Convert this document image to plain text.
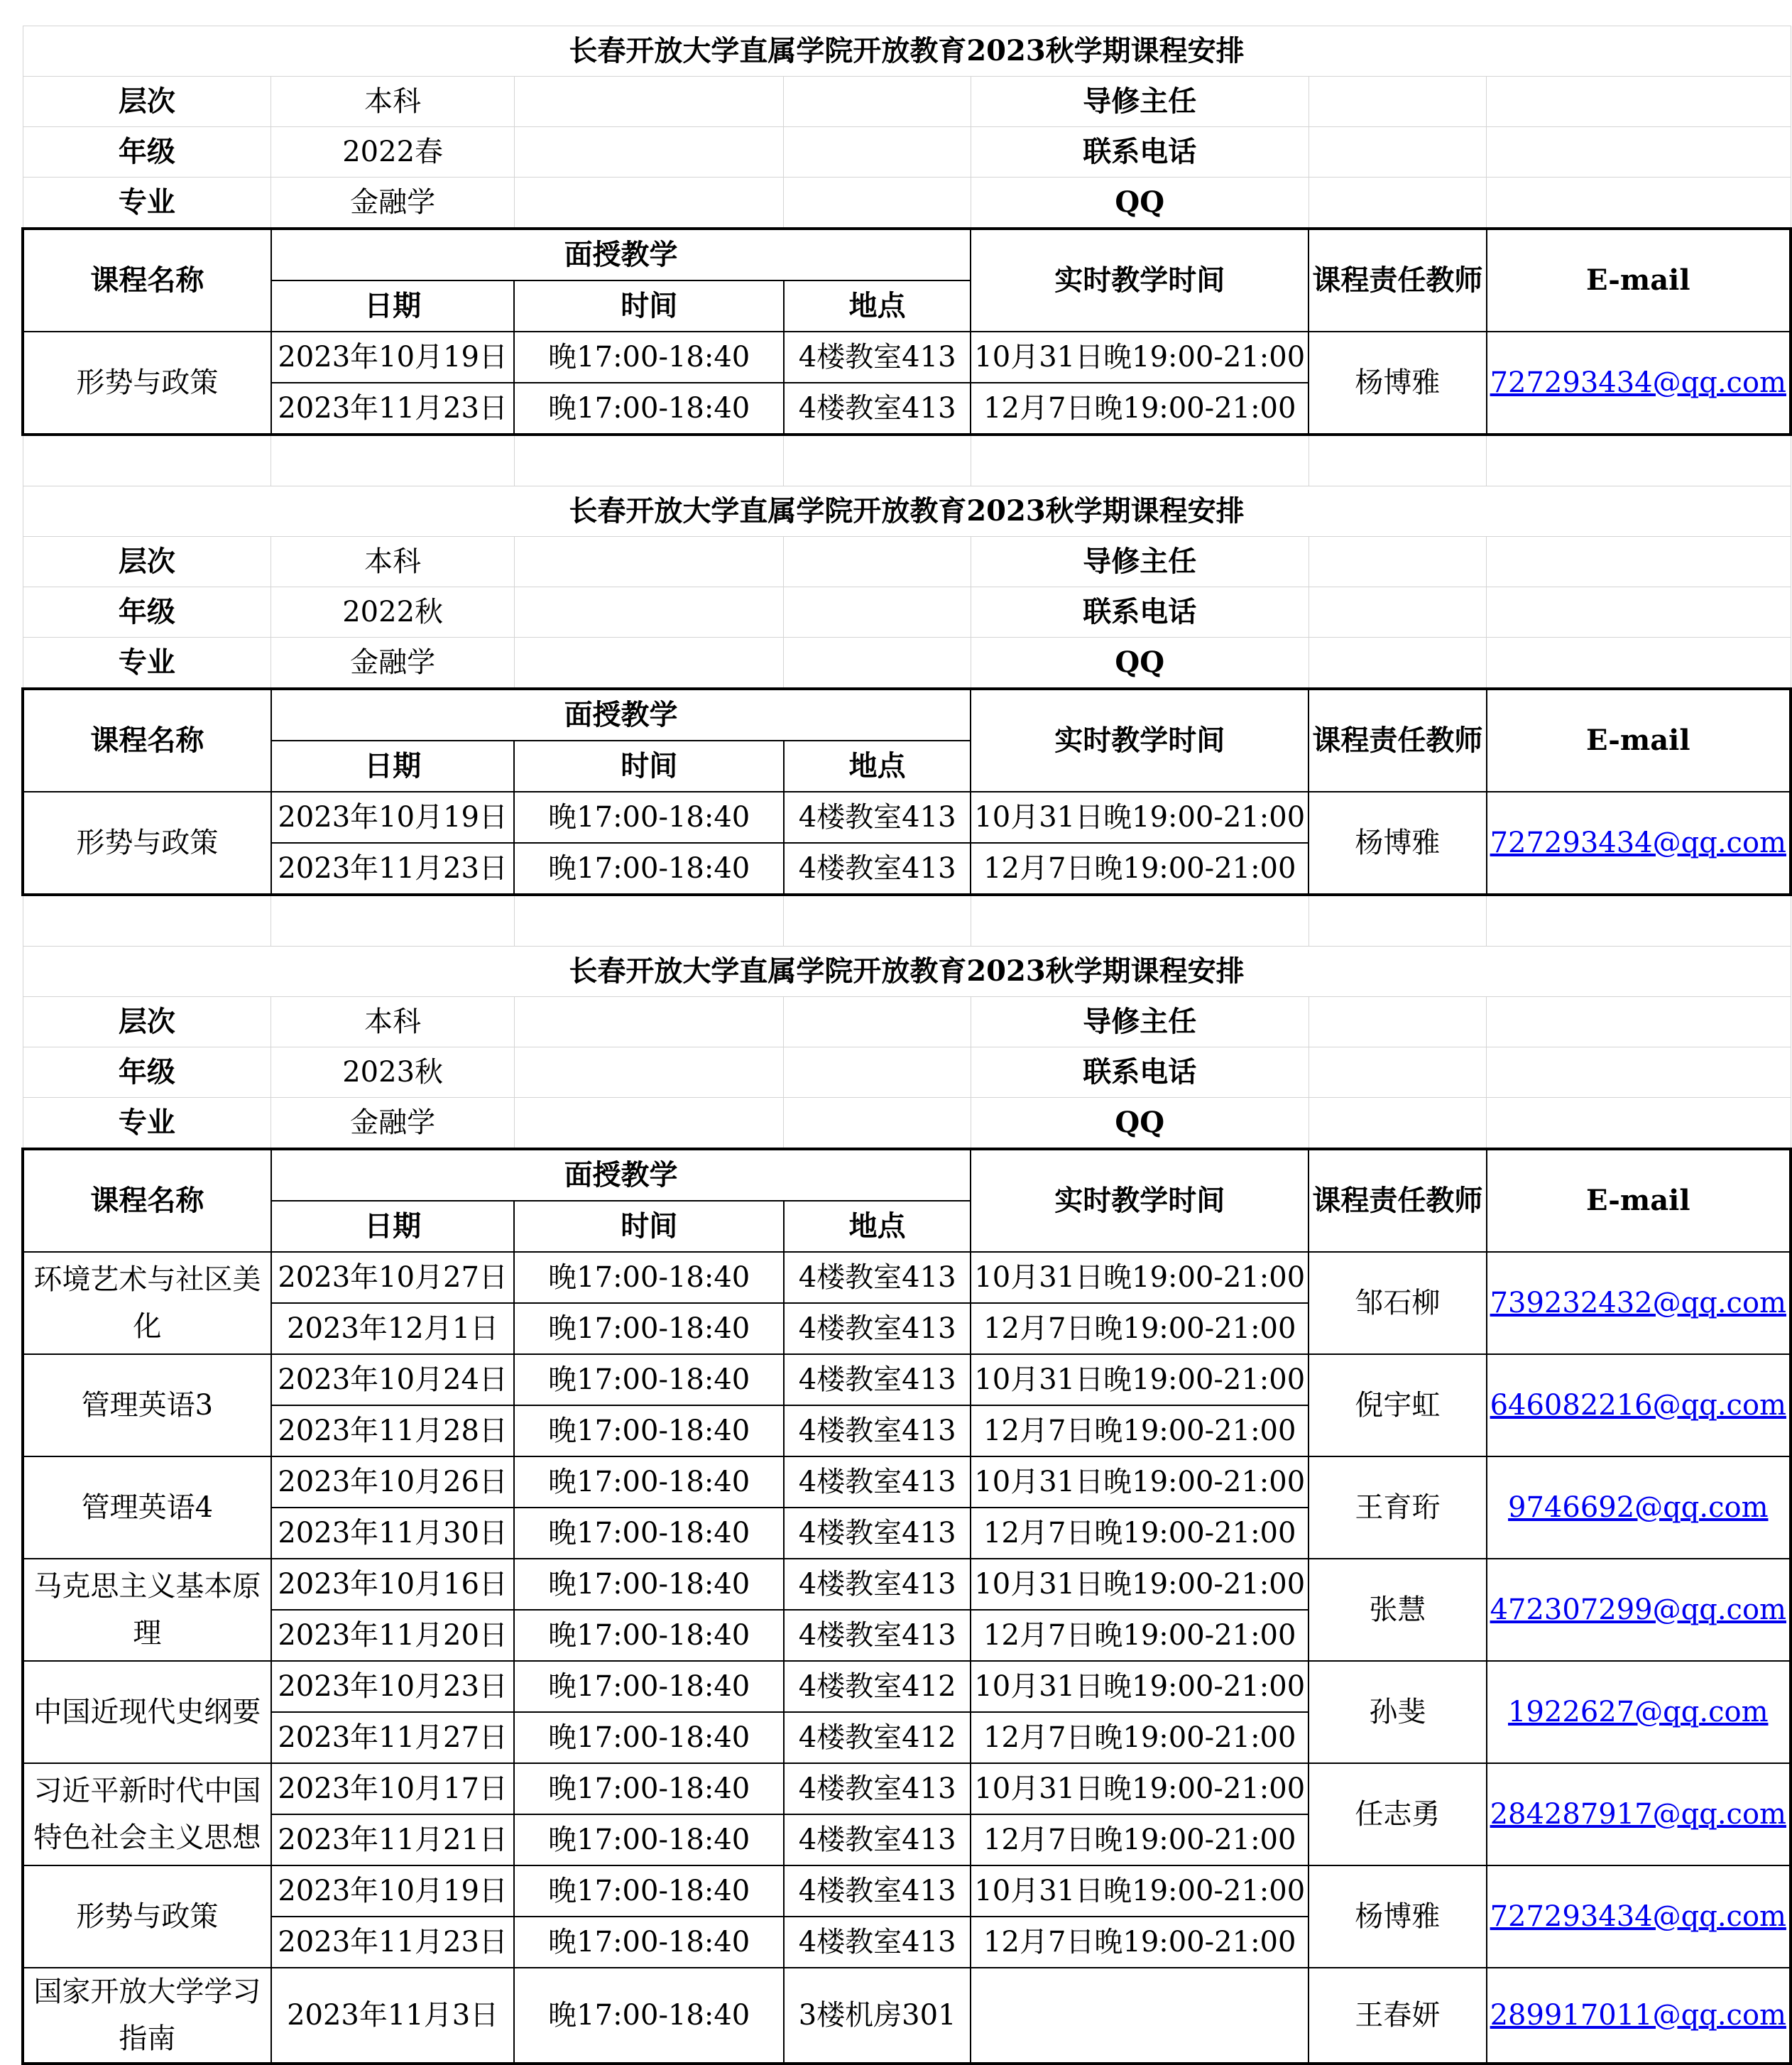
长春开放大学直属学院开放教育2023秋学期课程安排						
层次	本科			导修主任		
年级	2022春			联系电话		
专业	金融学			QQ		
课程名称	面授教学			实时教学时间	课程责任教师	E-mail
	日期	时间	地点			
形势与政策	2023年10月19日	晚17:00-18:40	4楼教室413	10月31日晚19:00-21:00	杨博雅	727293434@qq.com
	2023年11月23日	晚17:00-18:40	4楼教室413	12月7日晚19:00-21:00		

长春开放大学直属学院开放教育2023秋学期课程安排						
层次	本科			导修主任		
年级	2022秋			联系电话		
专业	金融学			QQ		
课程名称	面授教学			实时教学时间	课程责任教师	E-mail
	日期	时间	地点			
形势与政策	2023年10月19日	晚17:00-18:40	4楼教室413	10月31日晚19:00-21:00	杨博雅	727293434@qq.com
	2023年11月23日	晚17:00-18:40	4楼教室413	12月7日晚19:00-21:00		

长春开放大学直属学院开放教育2023秋学期课程安排						
层次	本科			导修主任		
年级	2023秋			联系电话		
专业	金融学			QQ		
课程名称	面授教学			实时教学时间	课程责任教师	E-mail
	日期	时间	地点			
环境艺术与社区美化	2023年10月27日	晚17:00-18:40	4楼教室413	10月31日晚19:00-21:00	邹石柳	739232432@qq.com
	2023年12月1日	晚17:00-18:40	4楼教室413	12月7日晚19:00-21:00		
管理英语3	2023年10月24日	晚17:00-18:40	4楼教室413	10月31日晚19:00-21:00	倪宇虹	646082216@qq.com
	2023年11月28日	晚17:00-18:40	4楼教室413	12月7日晚19:00-21:00		
管理英语4	2023年10月26日	晚17:00-18:40	4楼教室413	10月31日晚19:00-21:00	王育珩	9746692@qq.com
	2023年11月30日	晚17:00-18:40	4楼教室413	12月7日晚19:00-21:00		
马克思主义基本原理	2023年10月16日	晚17:00-18:40	4楼教室413	10月31日晚19:00-21:00	张慧	472307299@qq.com
	2023年11月20日	晚17:00-18:40	4楼教室413	12月7日晚19:00-21:00		
中国近现代史纲要	2023年10月23日	晚17:00-18:40	4楼教室412	10月31日晚19:00-21:00	孙斐	1922627@qq.com
	2023年11月27日	晚17:00-18:40	4楼教室412	12月7日晚19:00-21:00		
习近平新时代中国特色社会主义思想	2023年10月17日	晚17:00-18:40	4楼教室413	10月31日晚19:00-21:00	任志勇	284287917@qq.com
	2023年11月21日	晚17:00-18:40	4楼教室413	12月7日晚19:00-21:00		
形势与政策	2023年10月19日	晚17:00-18:40	4楼教室413	10月31日晚19:00-21:00	杨博雅	727293434@qq.com
	2023年11月23日	晚17:00-18:40	4楼教室413	12月7日晚19:00-21:00		
国家开放大学学习指南	2023年11月3日	晚17:00-18:40	3楼机房301		王春妍	289917011@qq.com
